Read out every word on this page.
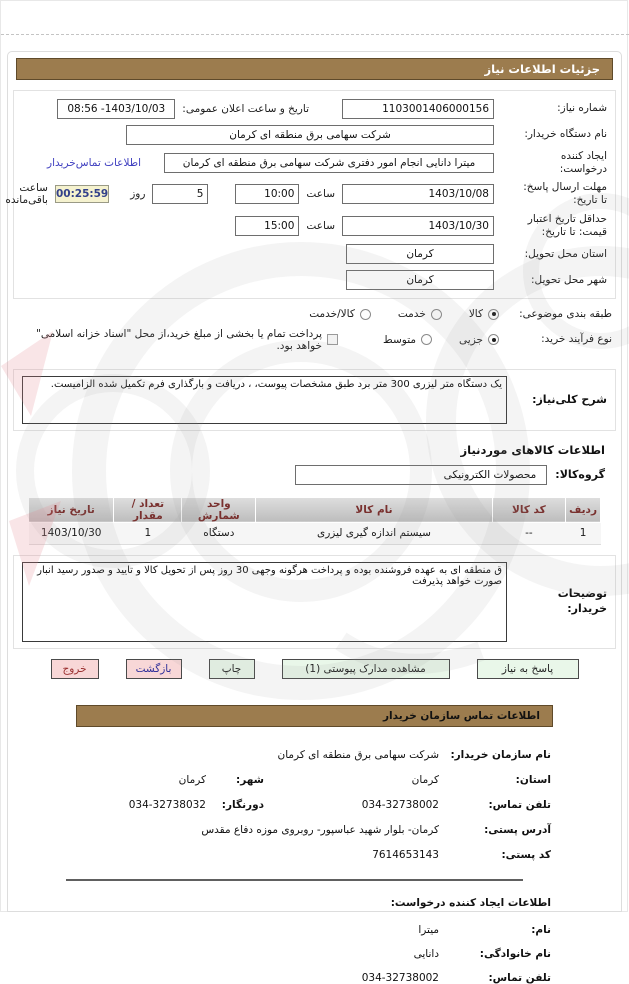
جزئیات اطلاعات نیاز
شماره نیاز:
1103001406000156
تاریخ و ساعت اعلان عمومی:
08:56 -1403/10/03
نام دستگاه خریدار:
شرکت سهامی برق منطقه ای کرمان
ایجاد کننده
درخواست:
میترا دانایی انجام امور دفتری شرکت سهامی برق منطقه ای کرمان
اطلاعات تماس‌خریدار
مهلت ارسال پاسخ:
تا تاریخ:
1403/10/08
ساعت
10:00
5
روز
00:25:59
ساعت باقی‌مانده
حداقل تاریخ اعتبار
قیمت: تا تاریخ:
1403/10/30
ساعت
15:00
استان محل تحویل:
کرمان
شهر محل تحویل:
کرمان
طبقه بندی موضوعی:
کالا
خدمت
کالا/خدمت
نوع فرآیند خرید:
جزیی
متوسط
پرداخت تمام یا بخشی از مبلغ خرید،از محل "اسناد خزانه اسلامی" خواهد بود.
شرح کلی‌نیاز:
یک دستگاه متر لیزری 300 متر برد طبق مشخصات پیوست، ، دریافت و بارگذاری فرم تکمیل شده الزامیست.
اطلاعات کالاهای موردنیاز
گروه‌کالا:
محصولات الکترونیکی
ردیف	کد کالا	نام کالا	واحد شمارش	تعداد / مقدار	تاریخ نیاز
1	--	سیستم اندازه گیری لیزری	دستگاه	1	1403/10/30
توضیحات
خریدار:
ق منطقه ای به عهده فروشنده بوده و پرداخت هرگونه وجهی 30 روز پس از تحویل کالا و تایید و صدور رسید انبار صورت خواهد پذیرفت
پاسخ به نیاز
مشاهده مدارک پیوستی (1)
چاپ
بازگشت
خروج
اطلاعات تماس سازمان خریدار
نام سازمان خریدار:
شرکت سهامی برق منطقه ای کرمان
استان:
کرمان
شهر:
کرمان
تلفن تماس:
034-32738002
دورنگار:
034-32738032
آدرس پستی:
کرمان- بلوار شهید عباسپور- روبروی موزه دفاع مقدس
کد پستی:
7614653143
اطلاعات ایجاد کننده درخواست:
نام:
میترا
نام خانوادگی:
دانایی
تلفن تماس:
034-32738002
